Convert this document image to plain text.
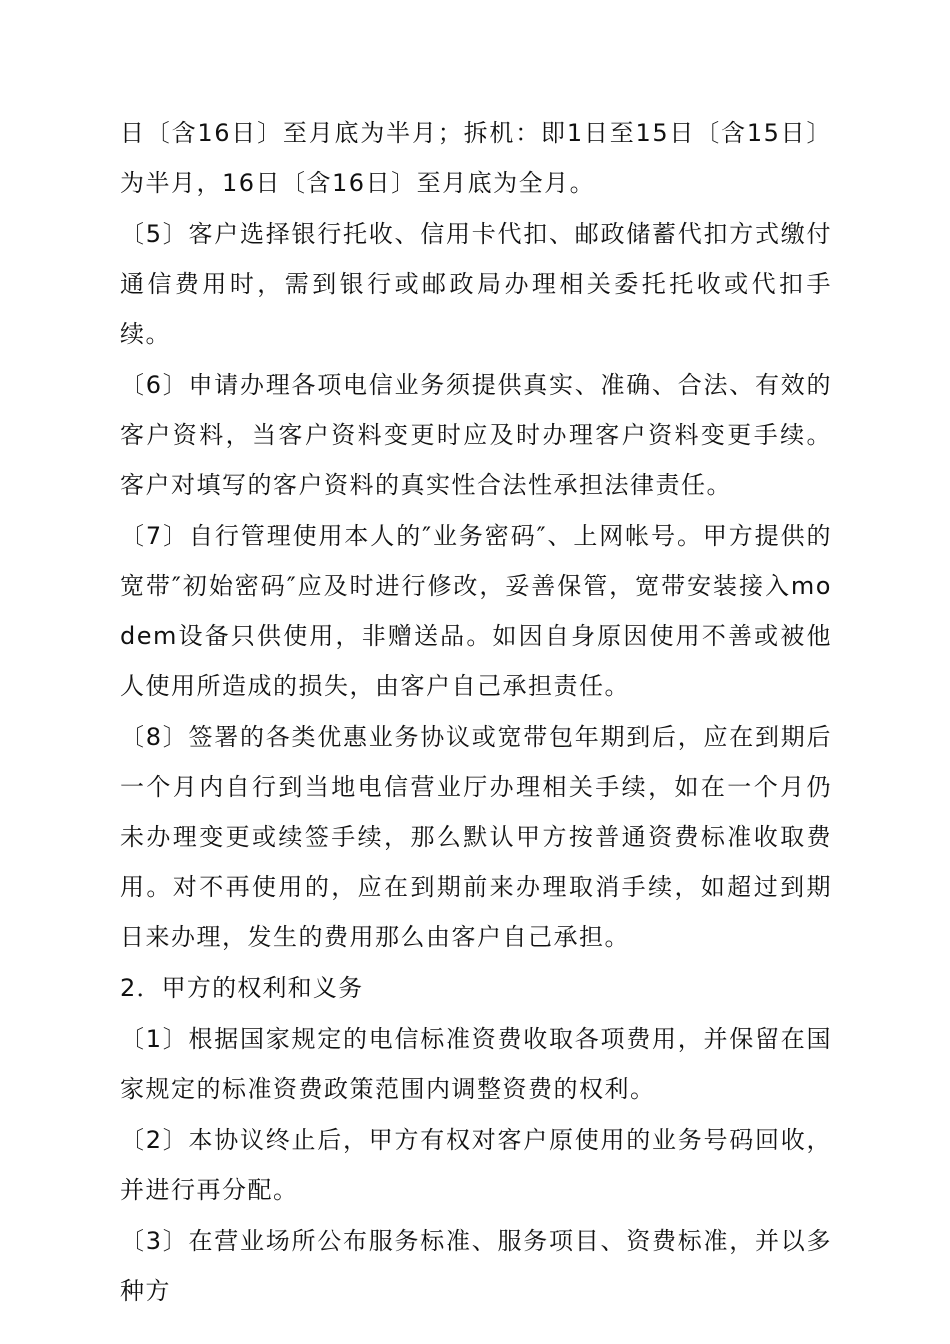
日〔含16日〕至月底为半月；拆机：即1日至15日〔含15日〕为半月，16日〔含16日〕至月底为全月。

〔5〕客户选择银行托收、信用卡代扣、邮政储蓄代扣方式缴付通信费用时，需到银行或邮政局办理相关委托托收或代扣手续。

〔6〕申请办理各项电信业务须提供真实、准确、合法、有效的客户资料，当客户资料变更时应及时办理客户资料变更手续。客户对填写的客户资料的真实性合法性承担法律责任。

〔7〕自行管理使用本人的″业务密码″、上网帐号。甲方提供的宽带″初始密码″应及时进行修改，妥善保管，宽带安装接入modem设备只供使用，非赠送品。如因自身原因使用不善或被他人使用所造成的损失，由客户自己承担责任。

〔8〕签署的各类优惠业务协议或宽带包年期到后，应在到期后一个月内自行到当地电信营业厅办理相关手续，如在一个月仍未办理变更或续签手续，那么默认甲方按普通资费标准收取费用。对不再使用的，应在到期前来办理取消手续，如超过到期日来办理，发生的费用那么由客户自己承担。

2．甲方的权利和义务

〔1〕根据国家规定的电信标准资费收取各项费用，并保留在国家规定的标准资费政策范围内调整资费的权利。

〔2〕本协议终止后，甲方有权对客户原使用的业务号码回收，并进行再分配。

〔3〕在营业场所公布服务标准、服务项目、资费标准，并以多种方
